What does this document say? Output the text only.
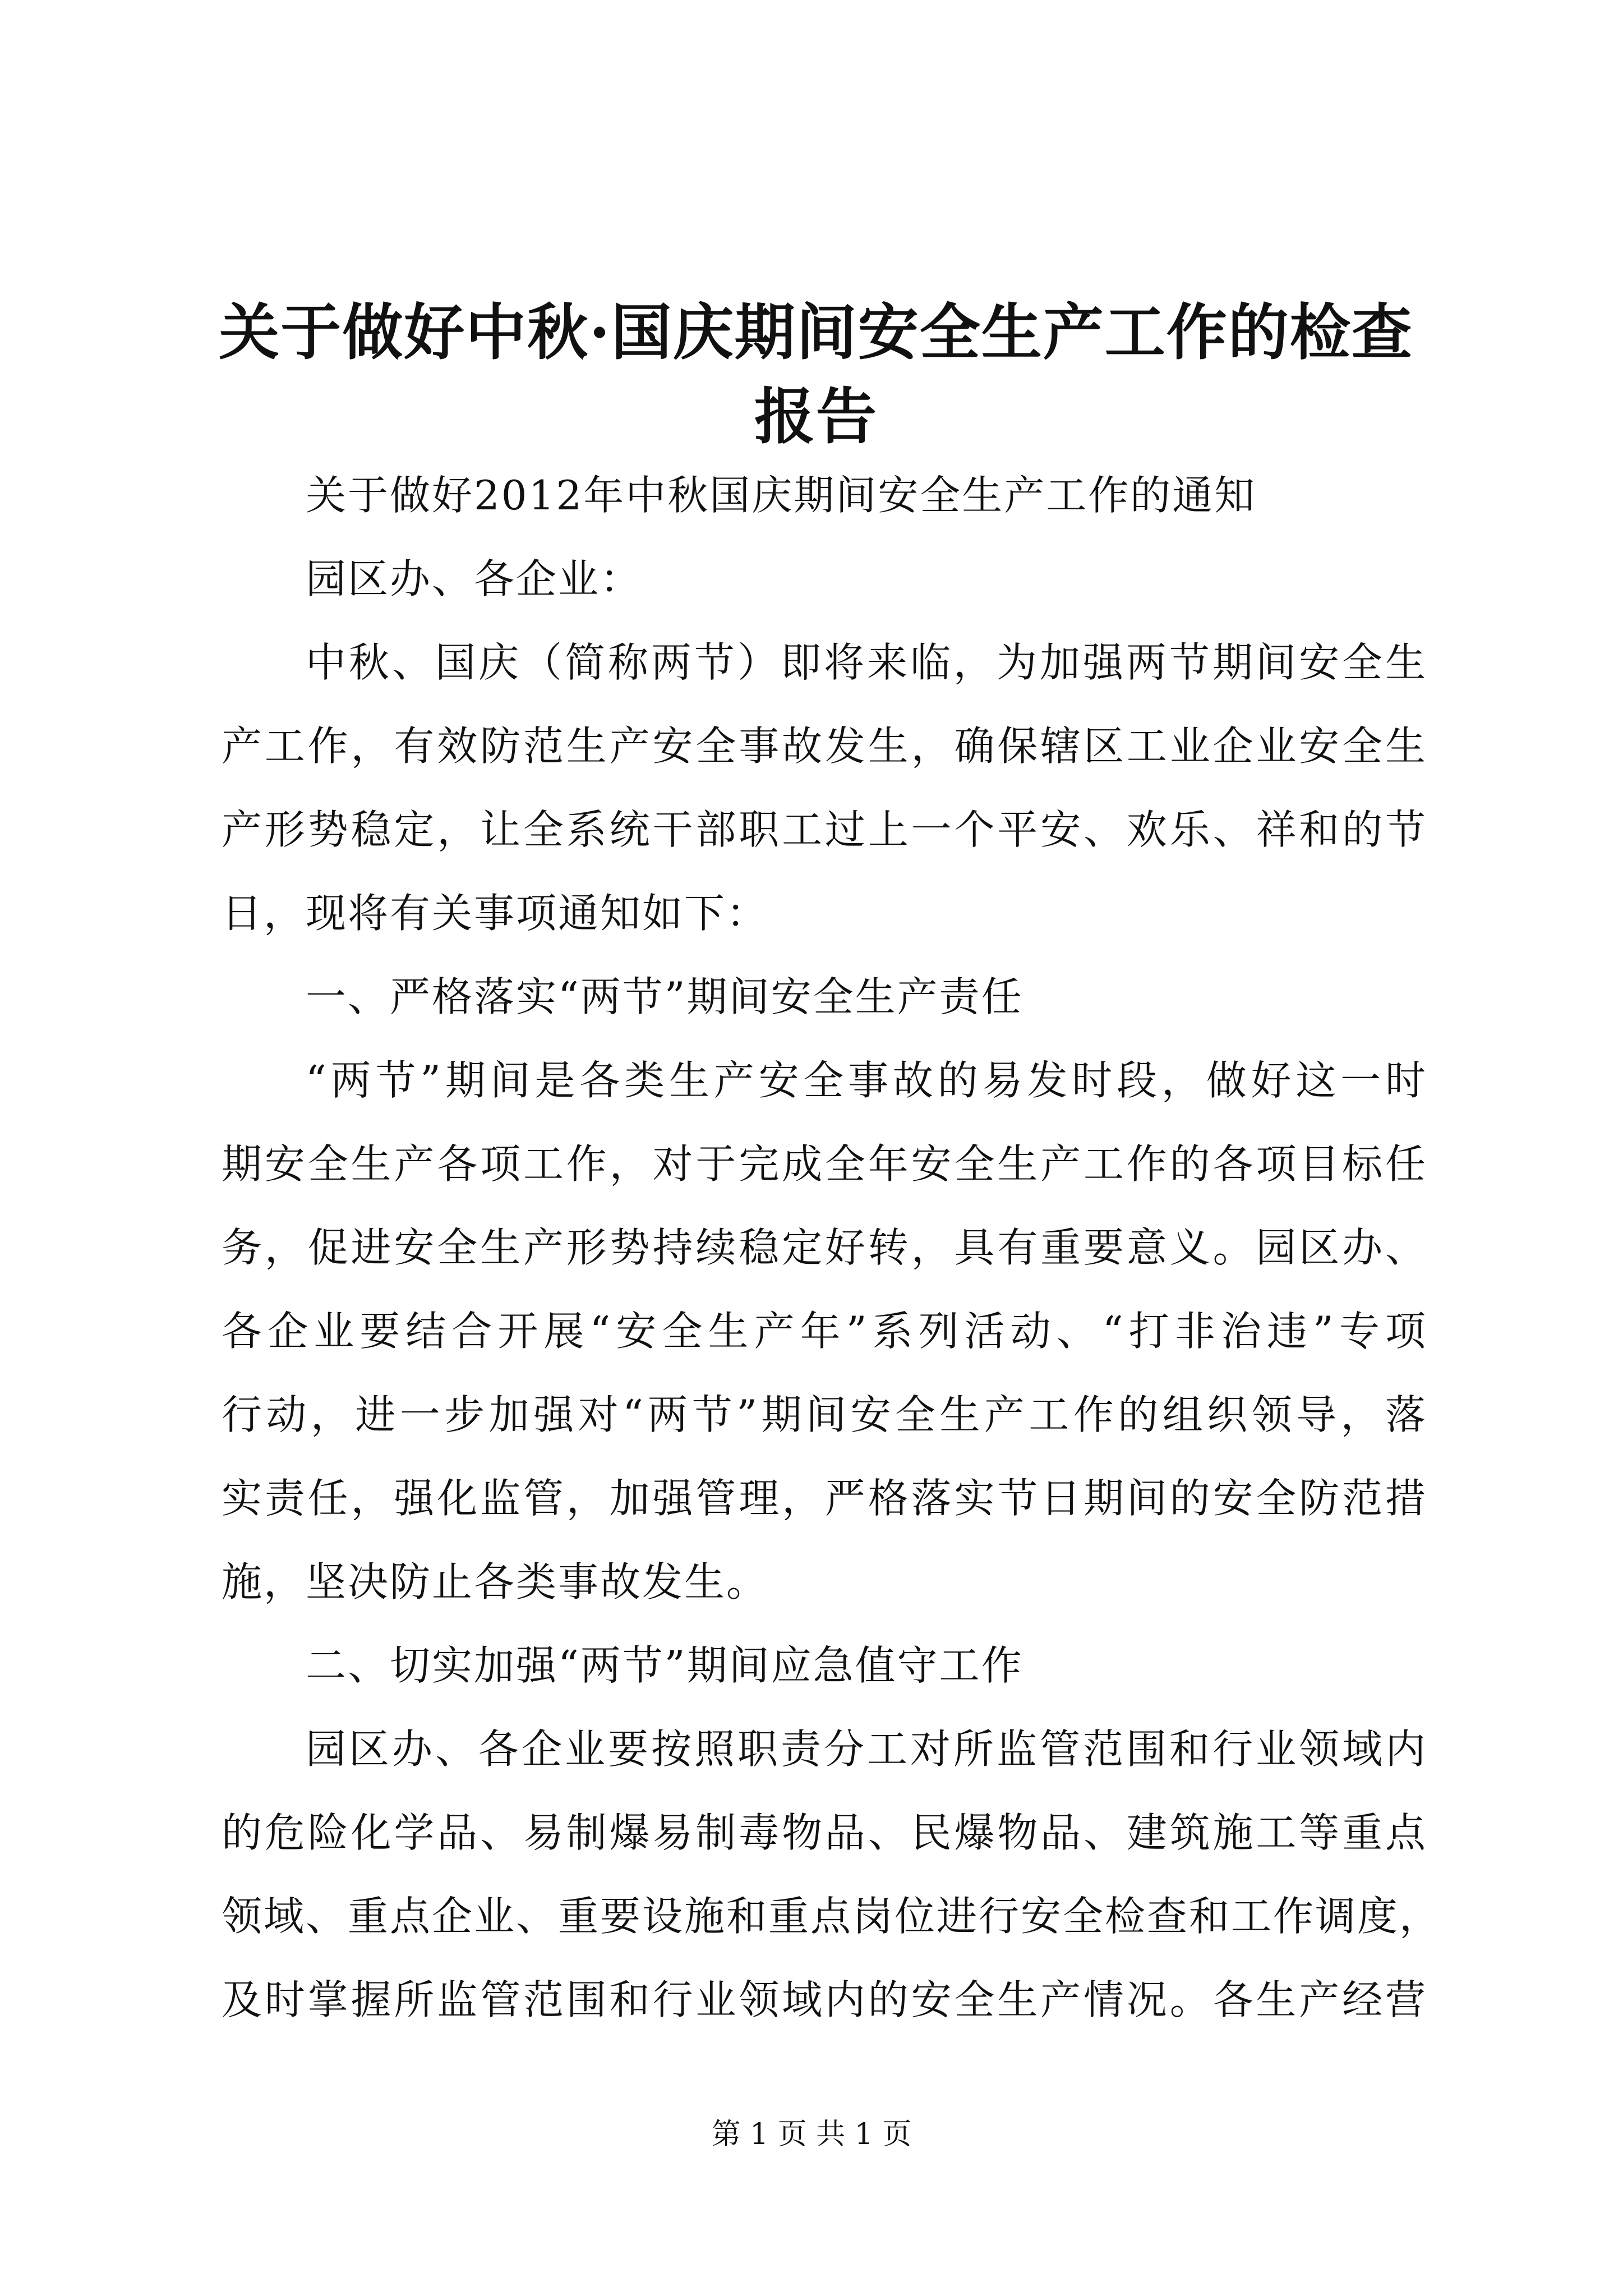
关于做好中秋·国庆期间安全生产工作的检查
报告
关于做好2012年中秋国庆期间安全生产工作的通知
园区办、各企业：
中秋、国庆（简称两节）即将来临，为加强两节期间安全生
产工作，有效防范生产安全事故发生，确保辖区工业企业安全生
产形势稳定，让全系统干部职工过上一个平安、欢乐、祥和的节
日，现将有关事项通知如下：
一、严格落实“两节”期间安全生产责任
“两节”期间是各类生产安全事故的易发时段，做好这一时
期安全生产各项工作，对于完成全年安全生产工作的各项目标任
务，促进安全生产形势持续稳定好转，具有重要意义。园区办、
各企业要结合开展“安全生产年”系列活动、“打非治违”专项
行动，进一步加强对“两节”期间安全生产工作的组织领导，落
实责任，强化监管，加强管理，严格落实节日期间的安全防范措
施，坚决防止各类事故发生。
二、切实加强“两节”期间应急值守工作
园区办、各企业要按照职责分工对所监管范围和行业领域内
的危险化学品、易制爆易制毒物品、民爆物品、建筑施工等重点
领域、重点企业、重要设施和重点岗位进行安全检查和工作调度，
及时掌握所监管范围和行业领域内的安全生产情况。各生产经营
第 1 页 共 1 页
